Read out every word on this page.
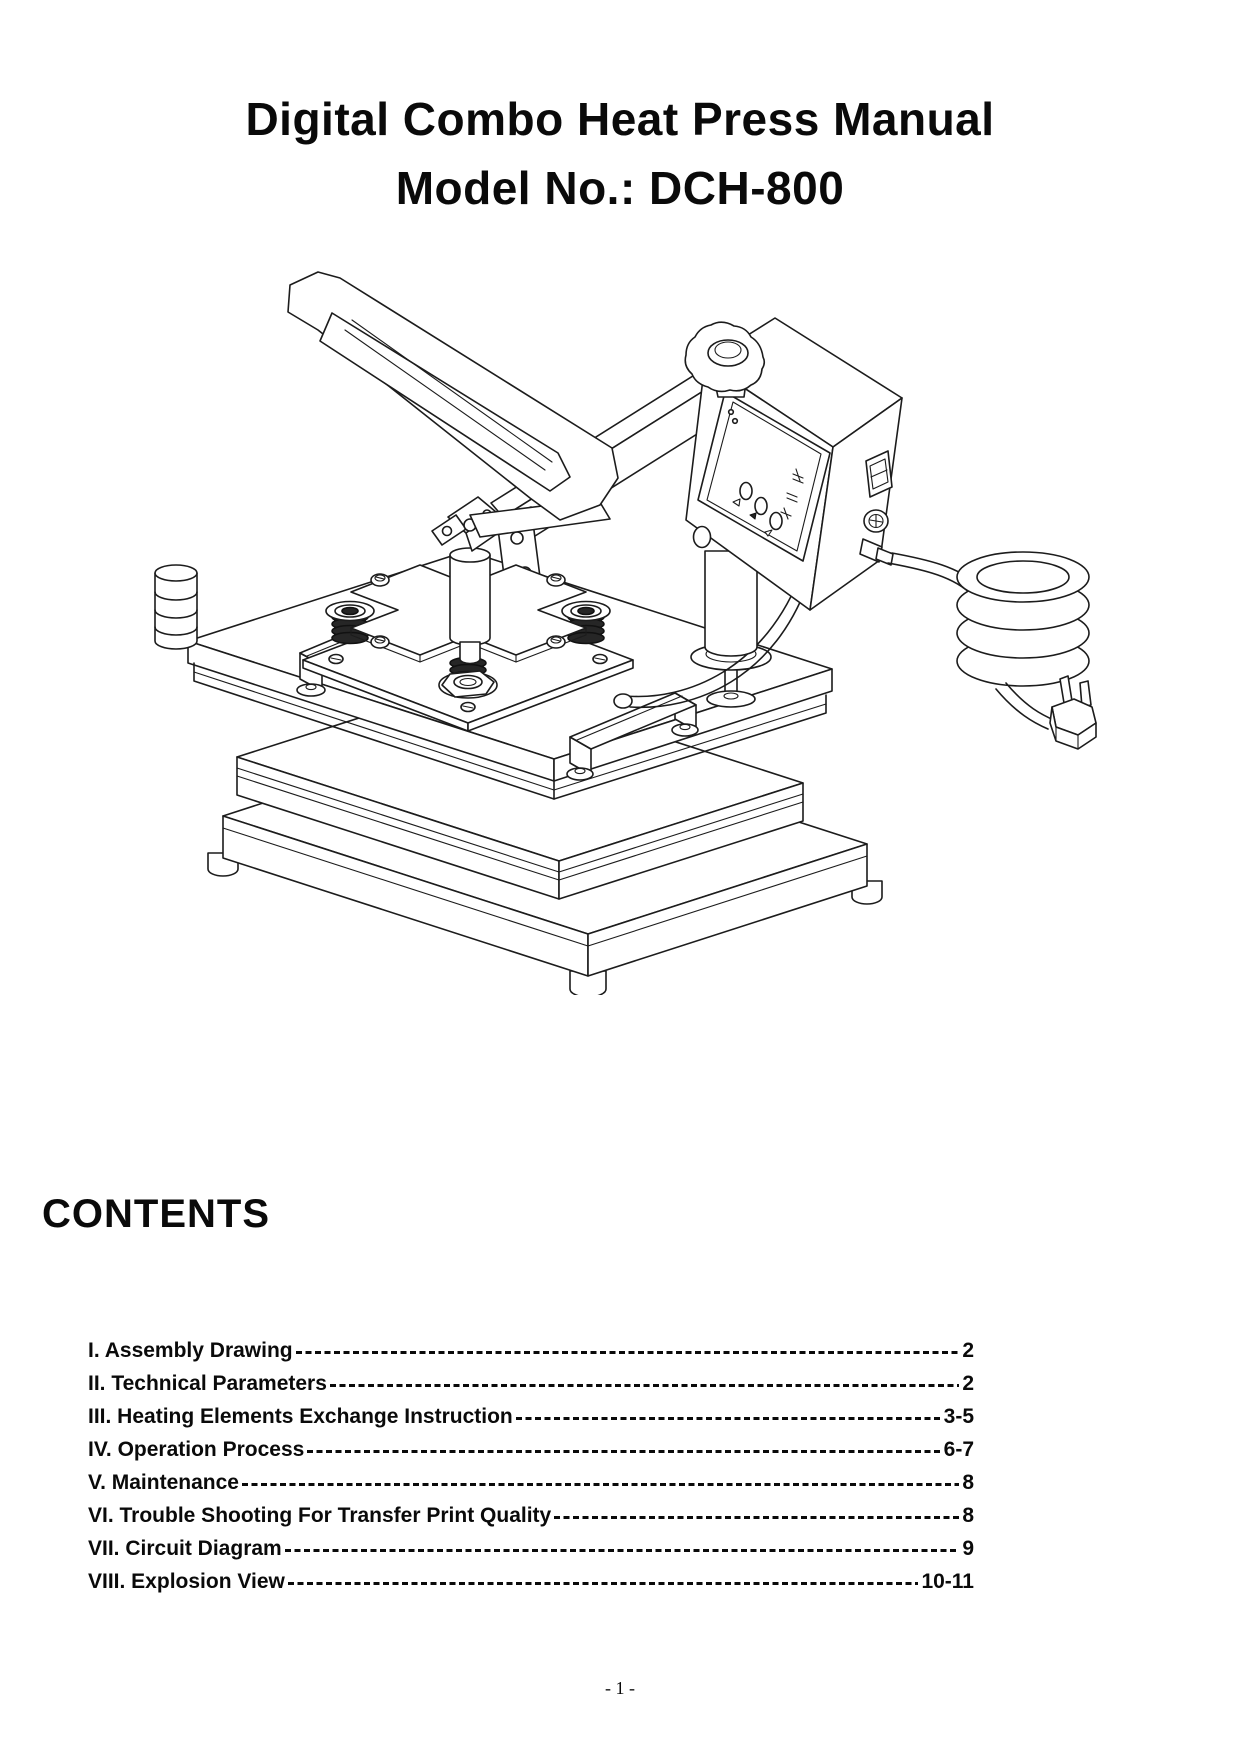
Digital Combo Heat Press Manual
Model No.: DCH-800
CONTENTS
I. Assembly Drawing	2
II. Technical Parameters	2
III. Heating Elements Exchange Instruction	3-5
IV. Operation Process	6-7
V. Maintenance	8
VI. Trouble Shooting For Transfer Print Quality	8
VII. Circuit Diagram	9
VIII. Explosion View	10-11
- 1 -
